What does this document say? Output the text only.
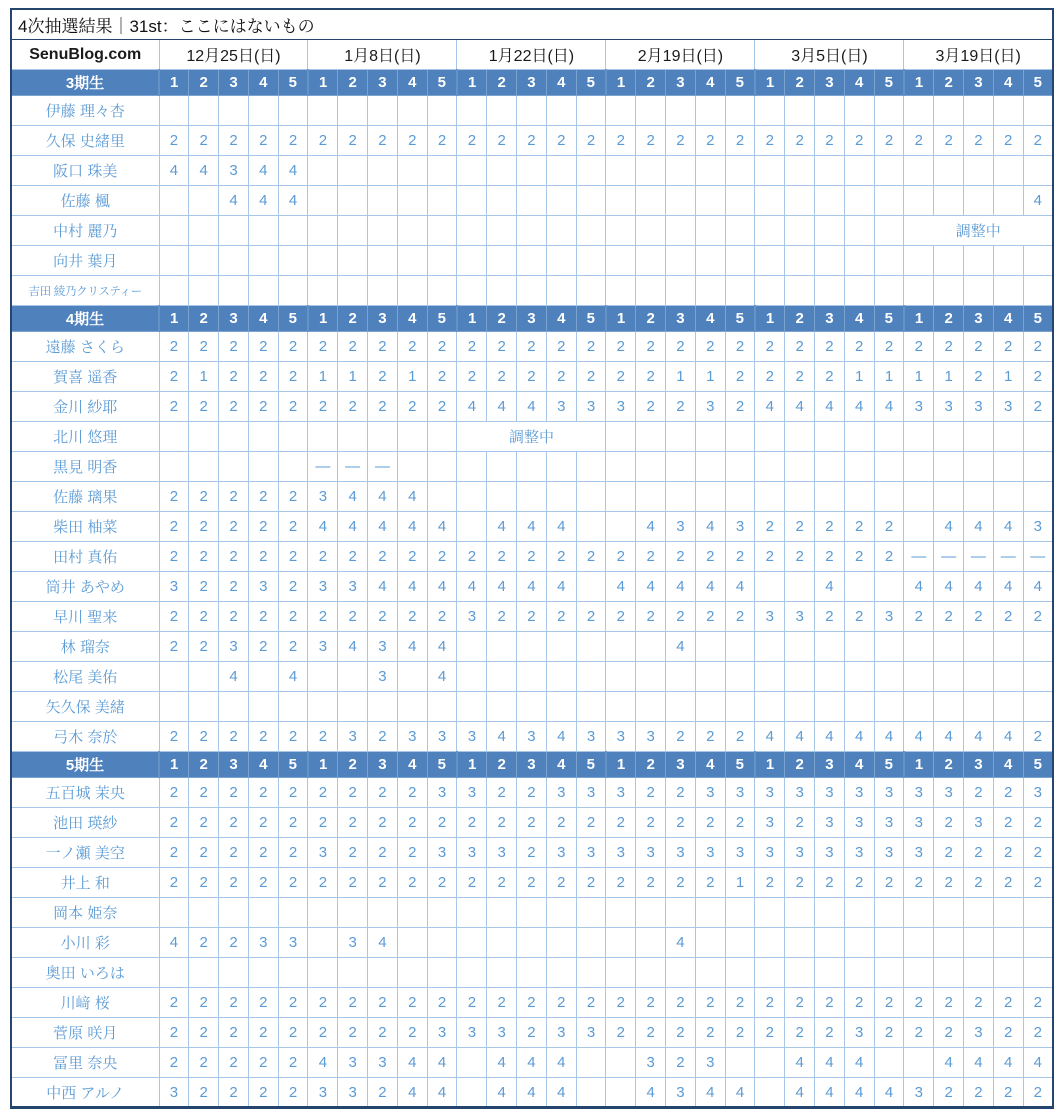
4次抽選結果｜31st：ここにはないもの																														
SenuBlog.com	12月25日(日)					1月8日(日)					1月22日(日)					2月19日(日)					3月5日(日)					3月19日(日)				
3期生	1	2	3	4	5	1	2	3	4	5	1	2	3	4	5	1	2	3	4	5	1	2	3	4	5	1	2	3	4	5
伊藤 理々杏																														
久保 史緒里	2	2	2	2	2	2	2	2	2	2	2	2	2	2	2	2	2	2	2	2	2	2	2	2	2	2	2	2	2	2
阪口 珠美	4	4	3	4	4																									
佐藤 楓			4	4	4																									4
中村 麗乃																										調整中				
向井 葉月																														
吉田 綾乃クリスティー																														
4期生	1	2	3	4	5	1	2	3	4	5	1	2	3	4	5	1	2	3	4	5	1	2	3	4	5	1	2	3	4	5
遠藤 さくら	2	2	2	2	2	2	2	2	2	2	2	2	2	2	2	2	2	2	2	2	2	2	2	2	2	2	2	2	2	2
賀喜 遥香	2	1	2	2	2	1	1	2	1	2	2	2	2	2	2	2	2	1	1	2	2	2	2	1	1	1	1	2	1	2
金川 紗耶	2	2	2	2	2	2	2	2	2	2	4	4	4	3	3	3	2	2	3	2	4	4	4	4	4	3	3	3	3	2
北川 悠理											調整中																			
黒見 明香						—	—	—																						
佐藤 璃果	2	2	2	2	2	3	4	4	4																					
柴田 柚菜	2	2	2	2	2	4	4	4	4	4		4	4	4			4	3	4	3	2	2	2	2	2		4	4	4	3
田村 真佑	2	2	2	2	2	2	2	2	2	2	2	2	2	2	2	2	2	2	2	2	2	2	2	2	2	—	—	—	—	—
筒井 あやめ	3	2	2	3	2	3	3	4	4	4	4	4	4	4		4	4	4	4	4			4			4	4	4	4	4
早川 聖来	2	2	2	2	2	2	2	2	2	2	3	2	2	2	2	2	2	2	2	2	3	3	2	2	3	2	2	2	2	2
林 瑠奈	2	2	3	2	2	3	4	3	4	4								4												
松尾 美佑			4		4			3		4																				
矢久保 美緒																														
弓木 奈於	2	2	2	2	2	2	3	2	3	3	3	4	3	4	3	3	3	2	2	2	4	4	4	4	4	4	4	4	4	2
5期生	1	2	3	4	5	1	2	3	4	5	1	2	3	4	5	1	2	3	4	5	1	2	3	4	5	1	2	3	4	5
五百城 茉央	2	2	2	2	2	2	2	2	2	3	3	2	2	3	3	3	2	2	3	3	3	3	3	3	3	3	3	2	2	3
池田 瑛紗	2	2	2	2	2	2	2	2	2	2	2	2	2	2	2	2	2	2	2	2	3	2	3	3	3	3	2	3	2	2
一ノ瀬 美空	2	2	2	2	2	3	2	2	2	3	3	3	2	3	3	3	3	3	3	3	3	3	3	3	3	3	2	2	2	2
井上 和	2	2	2	2	2	2	2	2	2	2	2	2	2	2	2	2	2	2	2	1	2	2	2	2	2	2	2	2	2	2
岡本 姫奈																														
小川 彩	4	2	2	3	3		3	4										4												
奥田 いろは																														
川﨑 桜	2	2	2	2	2	2	2	2	2	2	2	2	2	2	2	2	2	2	2	2	2	2	2	2	2	2	2	2	2	2
菅原 咲月	2	2	2	2	2	2	2	2	2	3	3	3	2	3	3	2	2	2	2	2	2	2	2	3	2	2	2	3	2	2
冨里 奈央	2	2	2	2	2	4	3	3	4	4		4	4	4			3	2	3			4	4	4			4	4	4	4
中西 アルノ	3	2	2	2	2	3	3	2	4	4		4	4	4			4	3	4	4		4	4	4	4	3	2	2	2	2
